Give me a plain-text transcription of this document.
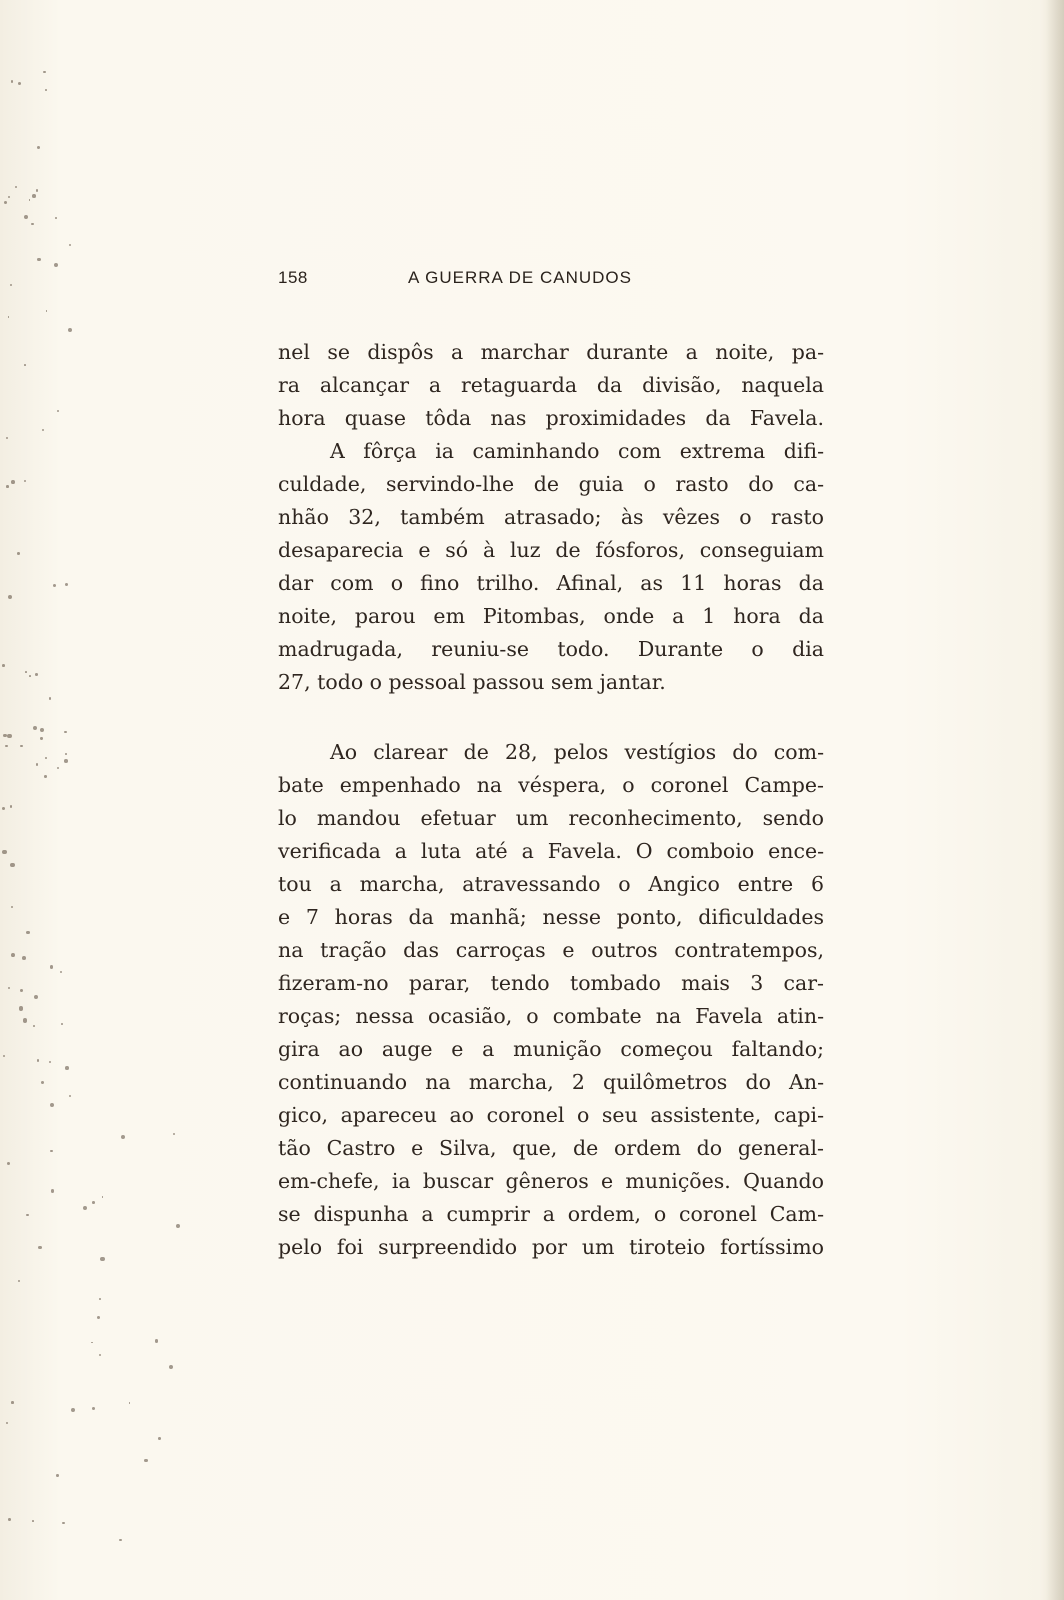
158	A GUERRA DE CANUDOS
nel se dispôs a marchar durante a noite, pa-
ra alcançar a retaguarda da divisão, naquela
hora quase tôda nas proximidades da Favela.
A fôrça ia caminhando com extrema difi-
culdade, servindo-lhe de guia o rasto do ca-
nhão 32, também atrasado; às vêzes o rasto
desaparecia e só à luz de fósforos, conseguiam
dar com o fino trilho. Afinal, as 11 horas da
noite, parou em Pitombas, onde a 1 hora da
madrugada, reuniu-se todo. Durante o dia
27, todo o pessoal passou sem jantar.
Ao clarear de 28, pelos vestígios do com-
bate empenhado na véspera, o coronel Campe-
lo mandou efetuar um reconhecimento, sendo
verificada a luta até a Favela. O comboio ence-
tou a marcha, atravessando o Angico entre 6
e 7 horas da manhã; nesse ponto, dificuldades
na tração das carroças e outros contratempos,
fizeram-no parar, tendo tombado mais 3 car-
roças; nessa ocasião, o combate na Favela atin-
gira ao auge e a munição começou faltando;
continuando na marcha, 2 quilômetros do An-
gico, apareceu ao coronel o seu assistente, capi-
tão Castro e Silva, que, de ordem do general-
em-chefe, ia buscar gêneros e munições. Quando
se dispunha a cumprir a ordem, o coronel Cam-
pelo foi surpreendido por um tiroteio fortíssimo
